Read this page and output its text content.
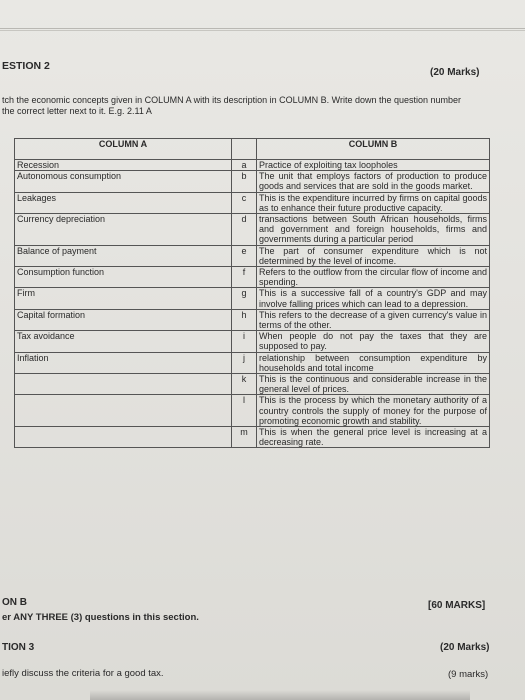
ESTION 2
(20 Marks)
tch the economic concepts given in COLUMN A with its description in COLUMN B. Write down the question number
the correct letter next to it. E.g. 2.11 A
COLUMN A		COLUMN B
Recession	a	Practice of exploiting tax loopholes
Autonomous consumption	b	The unit that employs factors of production to produce goods and services that are sold in the goods market.
Leakages	c	This is the expenditure incurred by firms on capital goods as to enhance their future productive capacity.
Currency depreciation	d	transactions between South African households, firms and government and foreign households, firms and governments during a particular period
Balance of payment	e	The part of consumer expenditure which is not determined by the level of income.
Consumption function	f	Refers to the outflow from the circular flow of income and spending.
Firm	g	This is a successive fall of a country's GDP and may involve falling prices which can lead to a depression.
Capital formation	h	This refers to the decrease of a given currency's value in terms of the other.
Tax avoidance	i	When people do not pay the taxes that they are supposed to pay.
Inflation	j	relationship between consumption expenditure by households and total income
	k	This is the continuous and considerable increase in the general level of prices.
	l	This is the process by which the monetary authority of a country controls the supply of money for the purpose of promoting economic growth and stability.
	m	This is when the general price level is increasing at a decreasing rate.
ON B	[60 MARKS]
er ANY THREE (3) questions in this section.
TION 3	(20 Marks)
iefly discuss the criteria for a good tax.	(9 marks)
